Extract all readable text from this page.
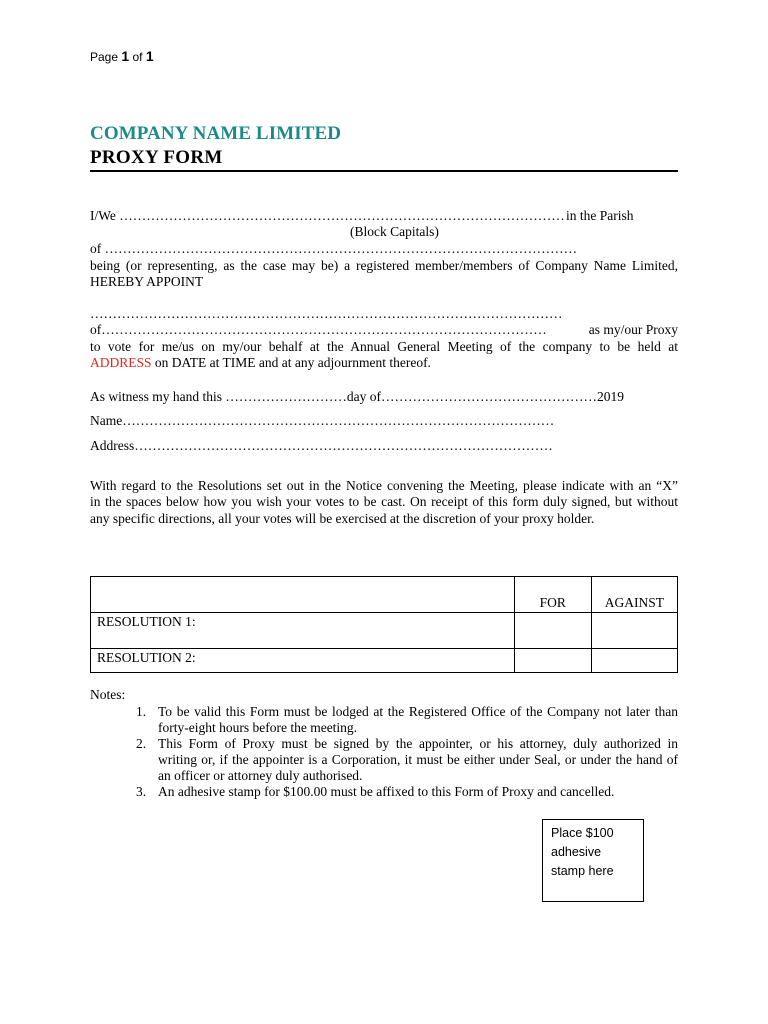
Page 1 of 1
COMPANY NAME LIMITED
PROXY FORM
I/We ……………………………………………………………………………………… in the Parish
(Block Capitals)
of ……………………………………………………………………………………………
being (or representing, as the case may be) a registered member/members of Company Name Limited,
HEREBY APPOINT
……………………………………………………………………………………………
of………………………………………………………………………………………	as my/our Proxy
to vote for me/us on my/our behalf at the Annual General Meeting of the company to be held at
ADDRESS on DATE at TIME and at any adjournment thereof.
As witness my hand this ………………………day of…………………………………………2019
Name……………………………………………………………………………………
Address…………………………………………………………………………………
With regard to the Resolutions set out in the Notice convening the Meeting, please indicate with an “X”
in the spaces below how you wish your votes to be cast. On receipt of this form duly signed, but without
any specific directions, all your votes will be exercised at the discretion of your proxy holder.
	FOR	AGAINST
RESOLUTION 1:		
RESOLUTION 2:		
Notes:
1. To be valid this Form must be lodged at the Registered Office of the Company not later than
forty-eight hours before the meeting.
2. This Form of Proxy must be signed by the appointer, or his attorney, duly authorized in
writing or, if the appointer is a Corporation, it must be either under Seal, or under the hand of
an officer or attorney duly authorised.
3. An adhesive stamp for $100.00 must be affixed to this Form of Proxy and cancelled.
Place $100 adhesive stamp here
